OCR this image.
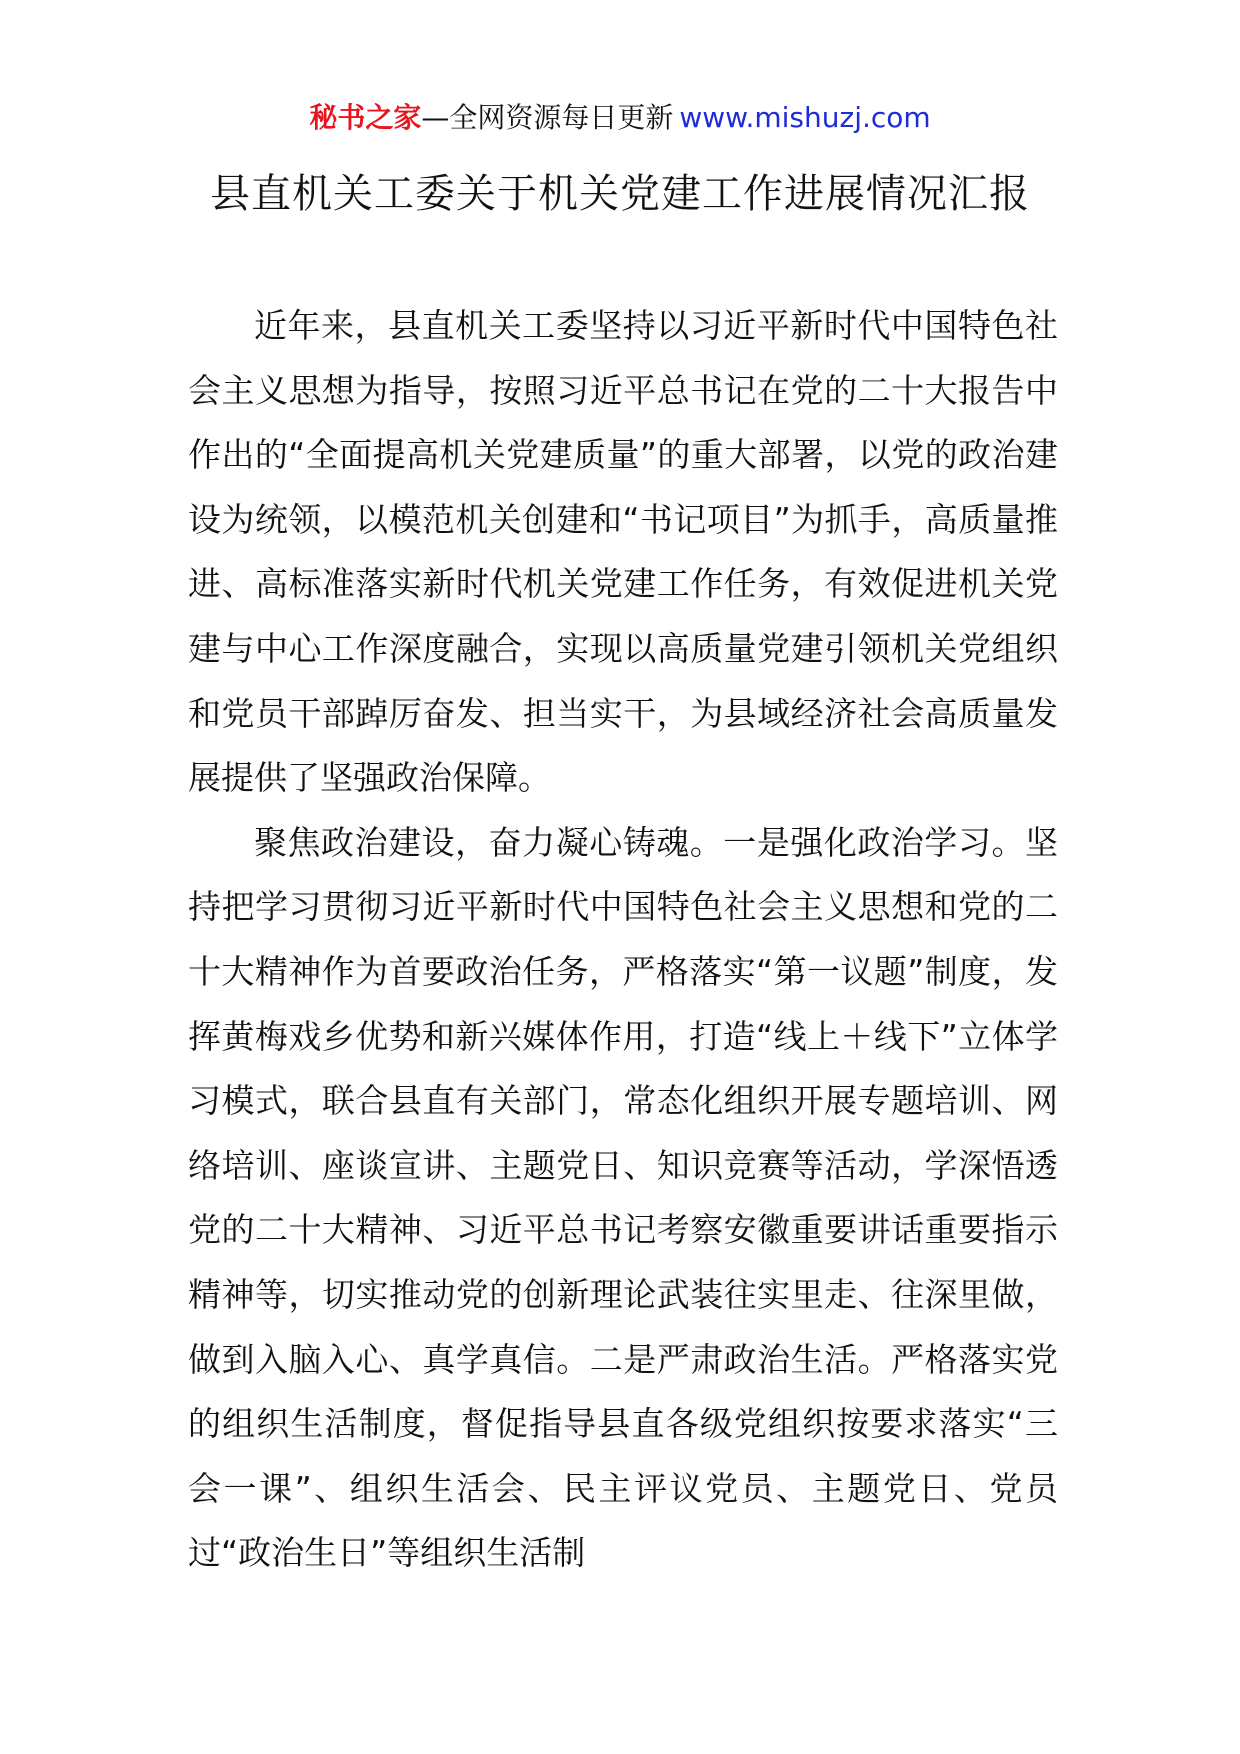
秘书之家—全网资源每日更新 www.mishuzj.com
县直机关工委关于机关党建工作进展情况汇报

近年来，县直机关工委坚持以习近平新时代中国特色社会主义思想为指导，按照习近平总书记在党的二十大报告中作出的“全面提高机关党建质量”的重大部署，以党的政治建设为统领，以模范机关创建和“书记项目”为抓手，高质量推进、高标准落实新时代机关党建工作任务，有效促进机关党建与中心工作深度融合，实现以高质量党建引领机关党组织和党员干部踔厉奋发、担当实干，为县域经济社会高质量发展提供了坚强政治保障。

聚焦政治建设，奋力凝心铸魂。一是强化政治学习。坚持把学习贯彻习近平新时代中国特色社会主义思想和党的二十大精神作为首要政治任务，严格落实“第一议题”制度，发挥黄梅戏乡优势和新兴媒体作用，打造“线上＋线下”立体学习模式，联合县直有关部门，常态化组织开展专题培训、网络培训、座谈宣讲、主题党日、知识竞赛等活动，学深悟透党的二十大精神、习近平总书记考察安徽重要讲话重要指示精神等，切实推动党的创新理论武装往实里走、往深里做，做到入脑入心、真学真信。二是严肃政治生活。严格落实党的组织生活制度，督促指导县直各级党组织按要求落实“三会一课”、组织生活会、民主评议党员、主题党日、党员过“政治生日”等组织生活制
